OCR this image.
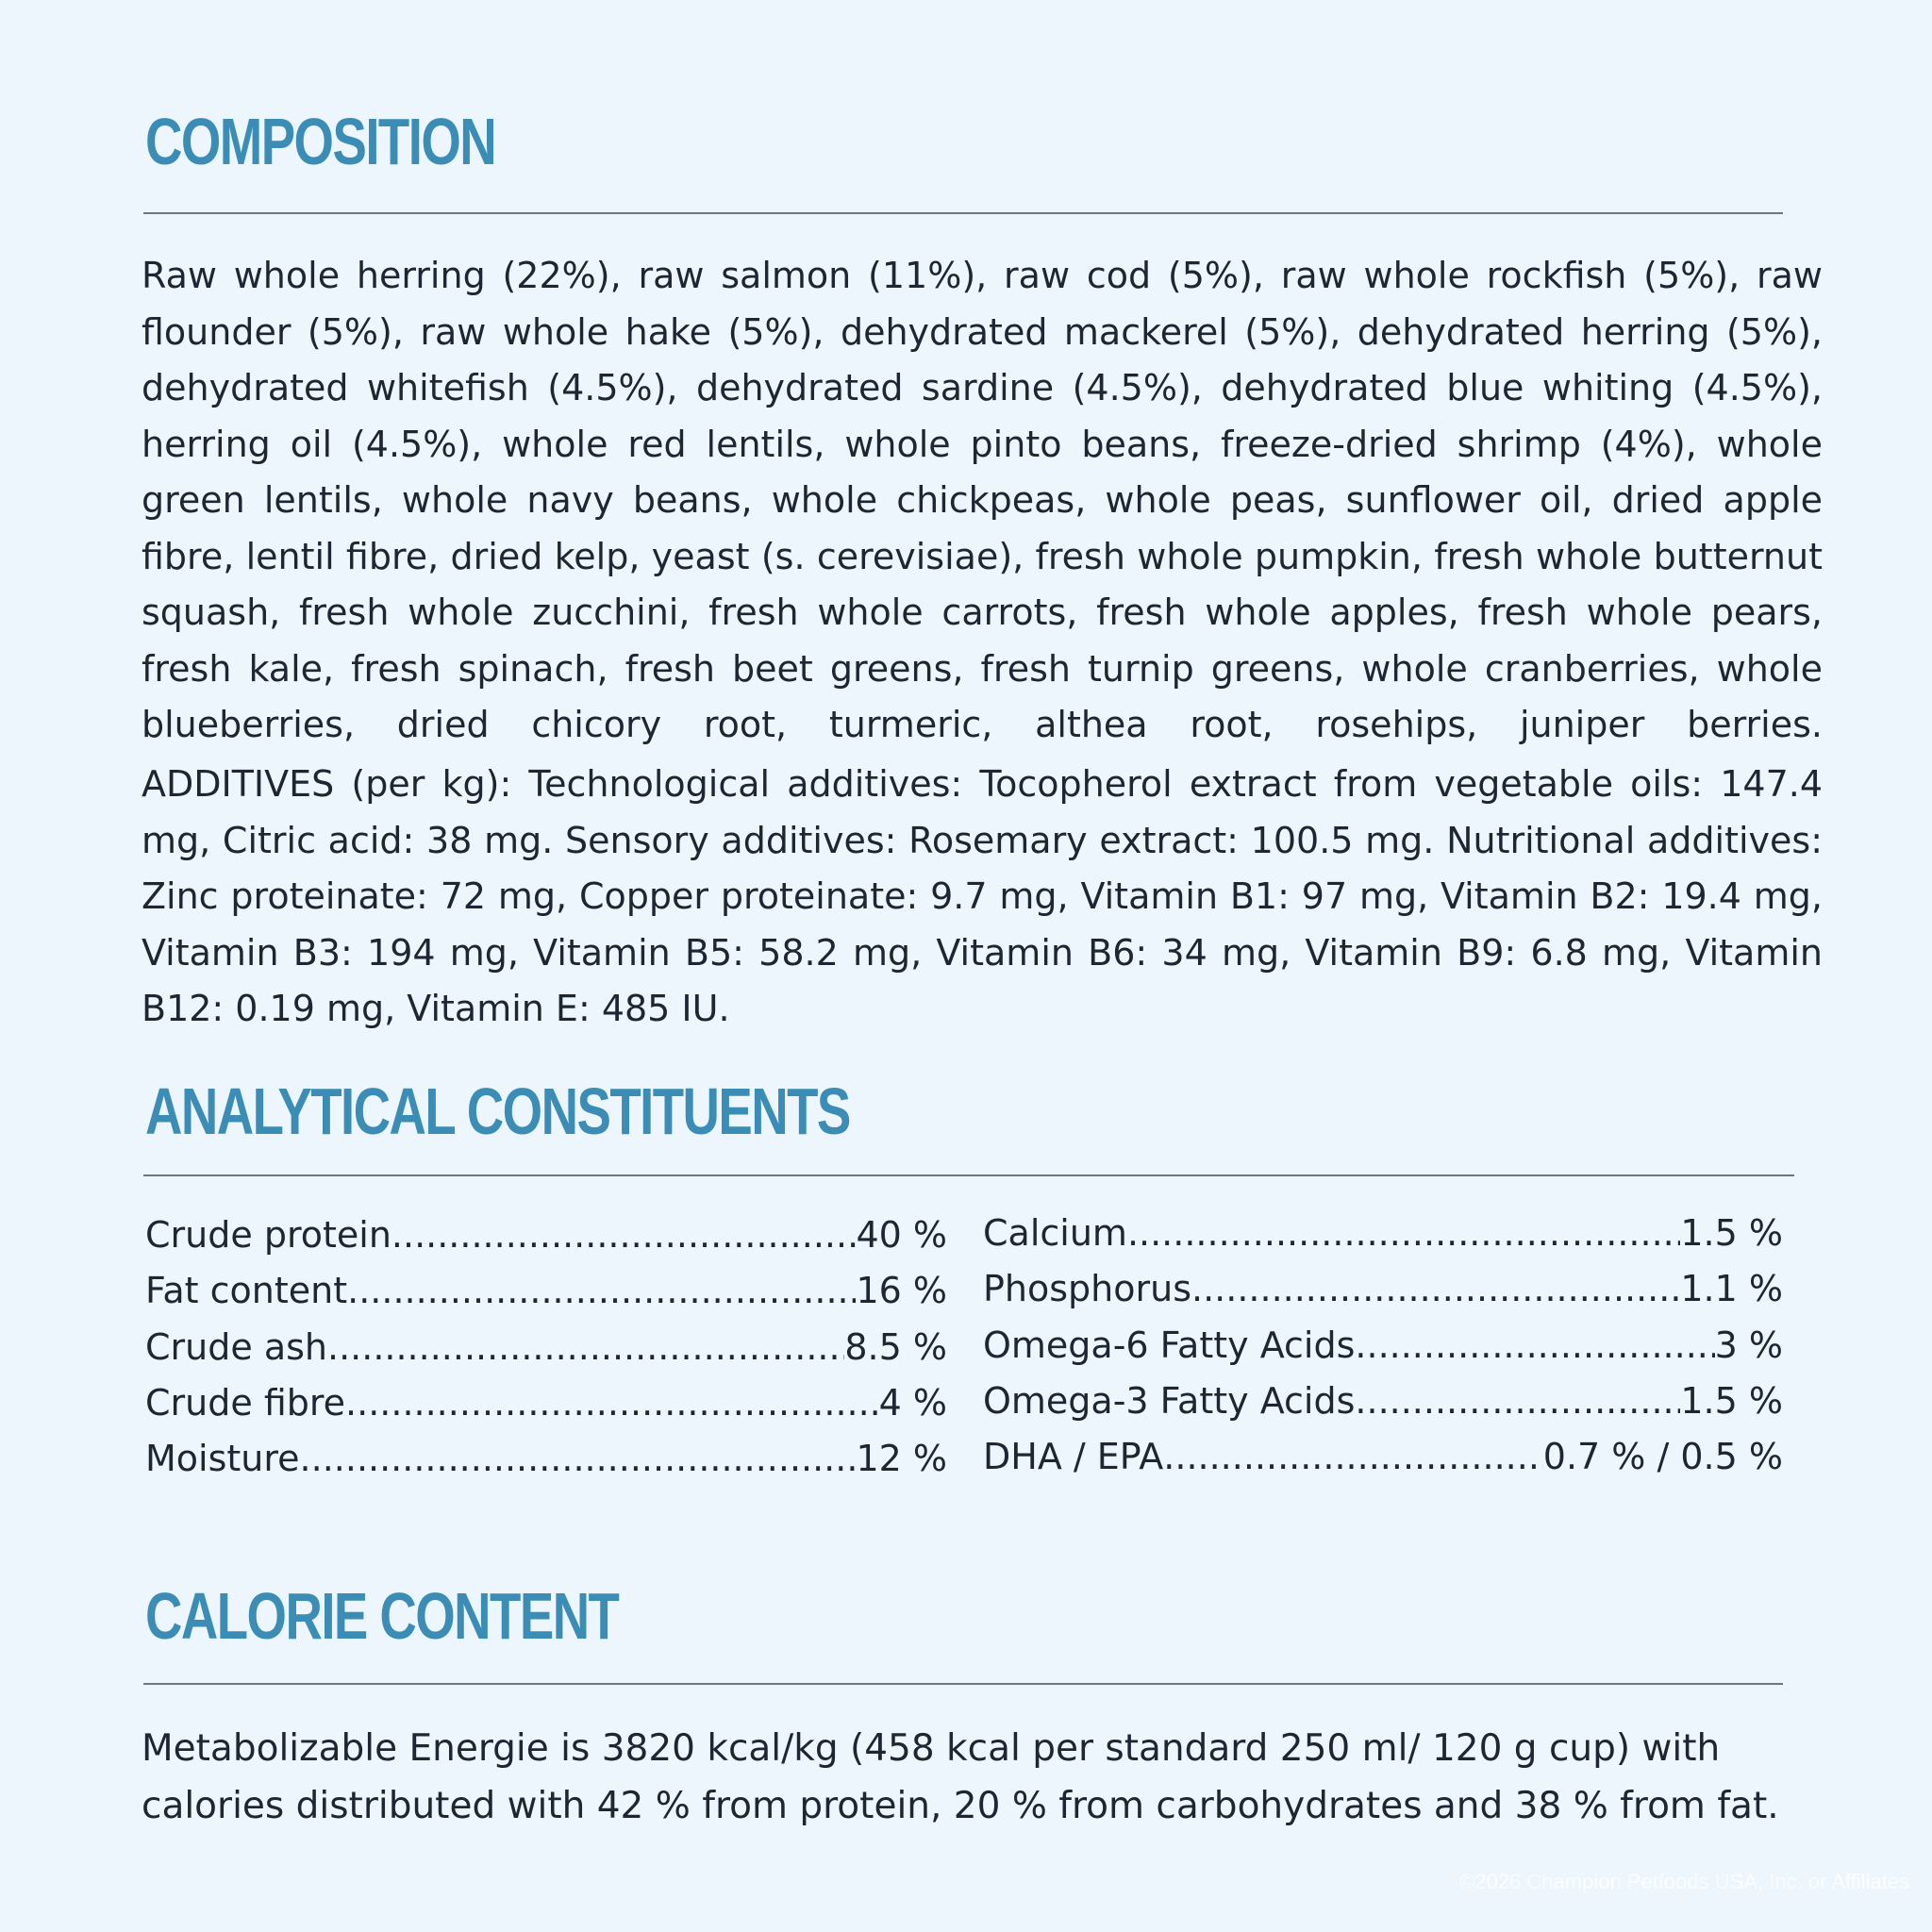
COMPOSITION

Raw whole herring (22%), raw salmon (11%), raw cod (5%), raw whole rockfish (5%), raw flounder (5%), raw whole hake (5%), dehydrated mackerel (5%), dehydrated herring (5%), dehydrated whitefish (4.5%), dehydrated sardine (4.5%), dehydrated blue whiting (4.5%), herring oil (4.5%), whole red lentils, whole pinto beans, freeze-dried shrimp (4%), whole green lentils, whole navy beans, whole chickpeas, whole peas, sunflower oil, dried apple fibre, lentil fibre, dried kelp, yeast (s. cerevisiae), fresh whole pumpkin, fresh whole butternut squash, fresh whole zucchini, fresh whole carrots, fresh whole apples, fresh whole pears, fresh kale, fresh spinach, fresh beet greens, fresh turnip greens, whole cranberries, whole blueberries, dried chicory root, turmeric, althea root, rosehips, juniper berries.

ADDITIVES (per kg): Technological additives: Tocopherol extract from vegetable oils: 147.4 mg, Citric acid: 38 mg. Sensory additives: Rosemary extract: 100.5 mg. Nutritional additives: Zinc proteinate: 72 mg, Copper proteinate: 9.7 mg, Vitamin B1: 97 mg, Vitamin B2: 19.4 mg, Vitamin B3: 194 mg, Vitamin B5: 58.2 mg, Vitamin B6: 34 mg, Vitamin B9: 6.8 mg, Vitamin B12: 0.19 mg, Vitamin E: 485 IU.

ANALYTICAL CONSTITUENTS
Crude protein .....	40 %
Fat content .....	16 %
Crude ash .....	8.5 %
Crude fibre .....	4 %
Moisture .....	12 %
Calcium .....	1.5 %
Phosphorus .....	1.1 %
Omega-6 Fatty Acids .....	3 %
Omega-3 Fatty Acids .....	1.5 %
DHA / EPA .....	0.7 % / 0.5 %
CALORIE CONTENT

Metabolizable Energie is 3820 kcal/kg (458 kcal per standard 250 ml/ 120 g cup) with calories distributed with 42 % from protein, 20 % from carbohydrates and 38 % from fat.

©2026 Champion Petfoods USA, Inc. or Affiliates
